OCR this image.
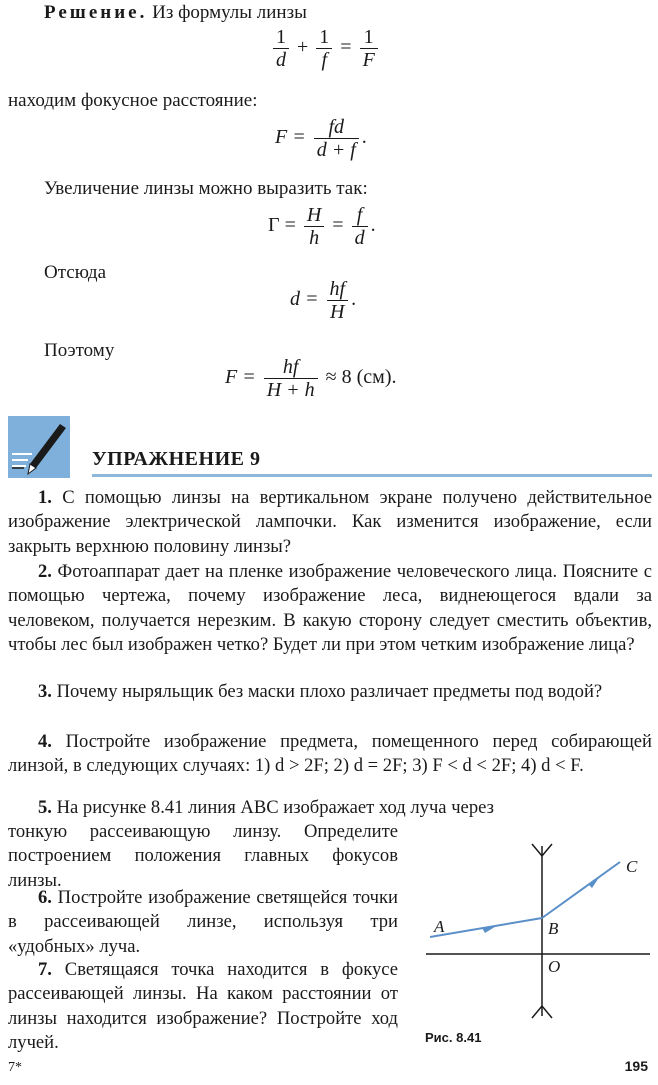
Решение. Из формулы линзы
$\frac{1}{d} + \frac{1}{f} = \frac{1}{F}$
находим фокусное расстояние:
$F = \frac{fd}{d + f}$ .
Увеличение линзы можно выразить так:
$Г = \frac{H}{h} = \frac{f}{d}$ .
Отсюда
$d = \frac{hf}{H}$ .
Поэтому
$F = \frac{hf}{H + h} \approx 8$ (см).
УПРАЖНЕНИЕ 9
1. С помощью линзы на вертикальном экране получено действительное изображение электрической лампочки. Как изменится изображение, если закрыть верхнюю половину линзы?
2. Фотоаппарат дает на пленке изображение человеческого лица. Поясните с помощью чертежа, почему изображение леса, виднеющегося вдали за человеком, получается нерезким. В какую сторону следует сместить объектив, чтобы лес был изображен четко? Будет ли при этом четким изображение лица?
3. Почему ныряльщик без маски плохо различает предметы под водой?
4. Постройте изображение предмета, помещенного перед собирающей линзой, в следующих случаях: 1) d > 2F; 2) d = 2F; 3) F < d < 2F; 4) d < F.
5. На рисунке 8.41 линия ABC изображает ход луча через
тонкую рассеивающую линзу. Определите построением положения главных фокусов линзы.
6. Постройте изображение светящейся точки в рассеивающей линзе, используя три «удобных» луча.
7. Светящаяся точка находится в фокусе рассеивающей линзы. На каком расстоянии от линзы находится изображение? Постройте ход лучей.
A	B
C
O
Рис. 8.41
7*	195
